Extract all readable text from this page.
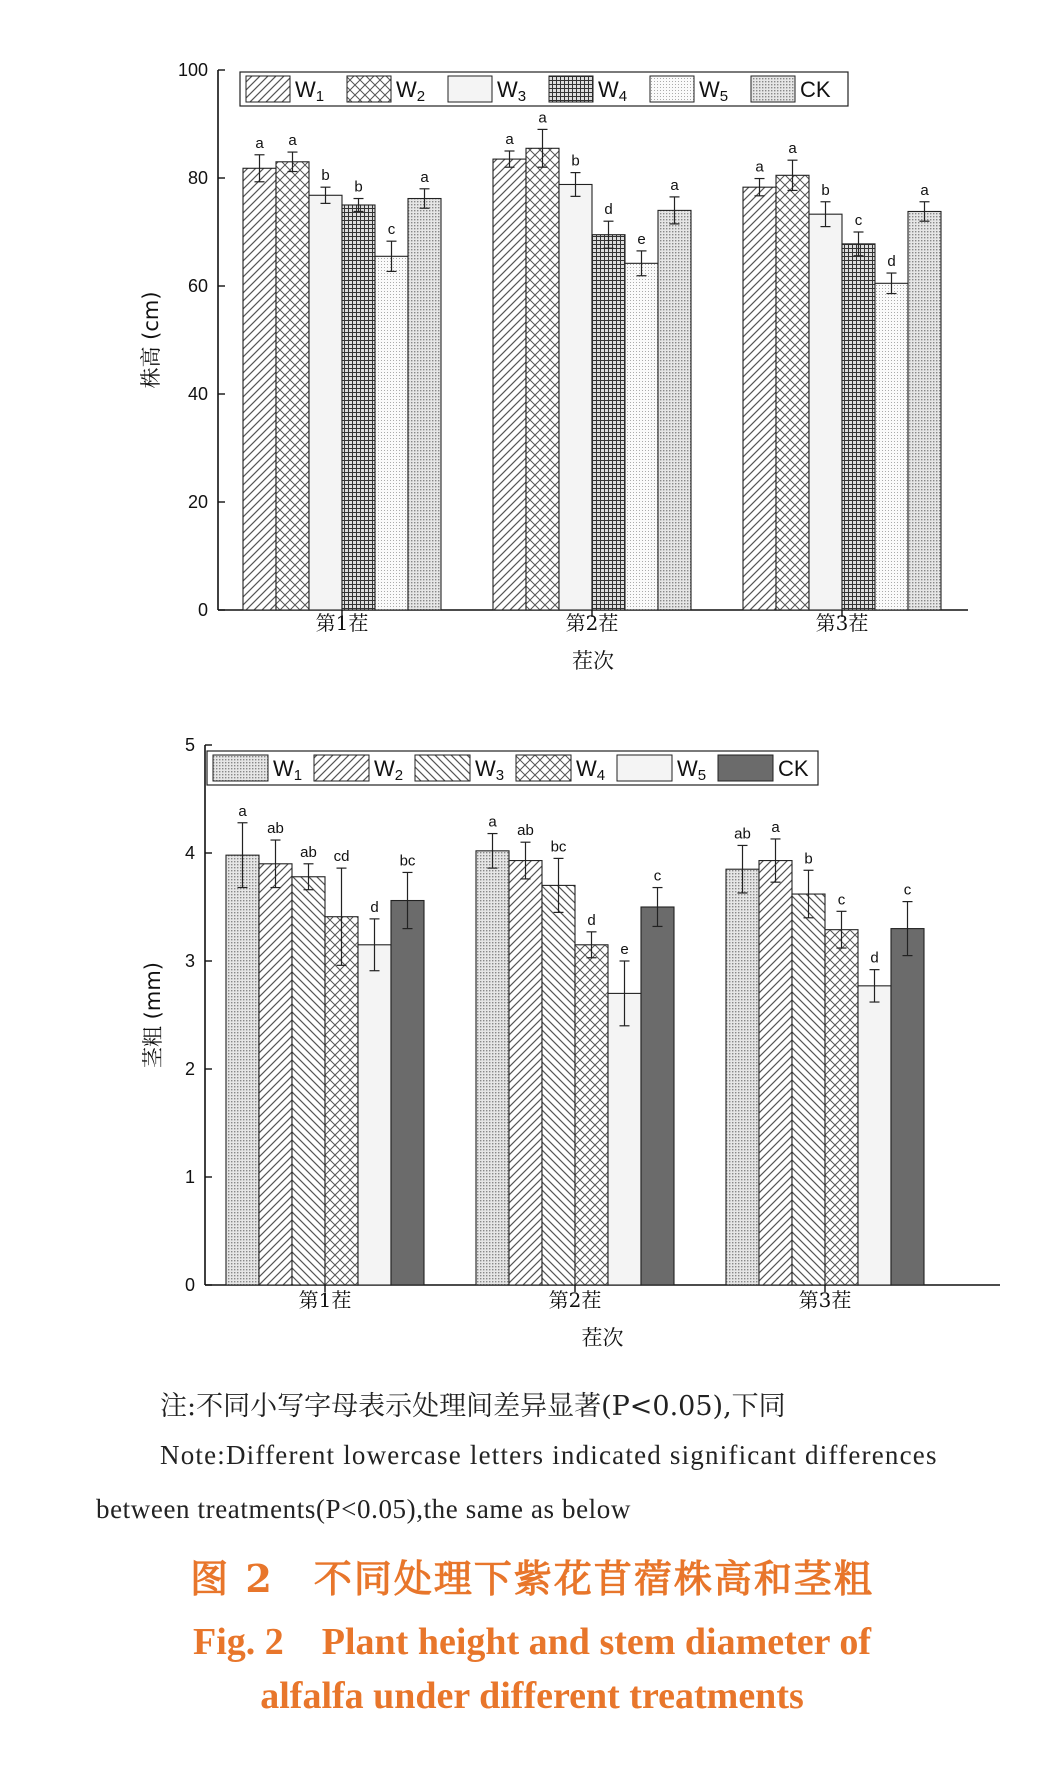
0
20
40
60
80
100
株高 (cm)
a a
b
b
c
a
第1茬
a
a
b
d
e
a
第2茬
a
a
b
c
d
a
第3茬
茬次
W1	W2	W3	W4	W5	CK
0
1
2
3
4
5
茎粗 (mm)
a
ab
ab cd
d
bc
第1茬
a
ab
bc
d
e
c
第2茬
ab a
b
c
d
c
第3茬
茬次
W1	W2	W3	W4	W5	CK
注:不同小写字母表示处理间差异显著(P<0.05),下同
Note:Different lowercase letters indicated significant differences
between treatments(P<0.05),the same as below
图 2　不同处理下紫花苜蓿株高和茎粗
Fig. 2　Plant height and stem diameter of
alfalfa under different treatments
